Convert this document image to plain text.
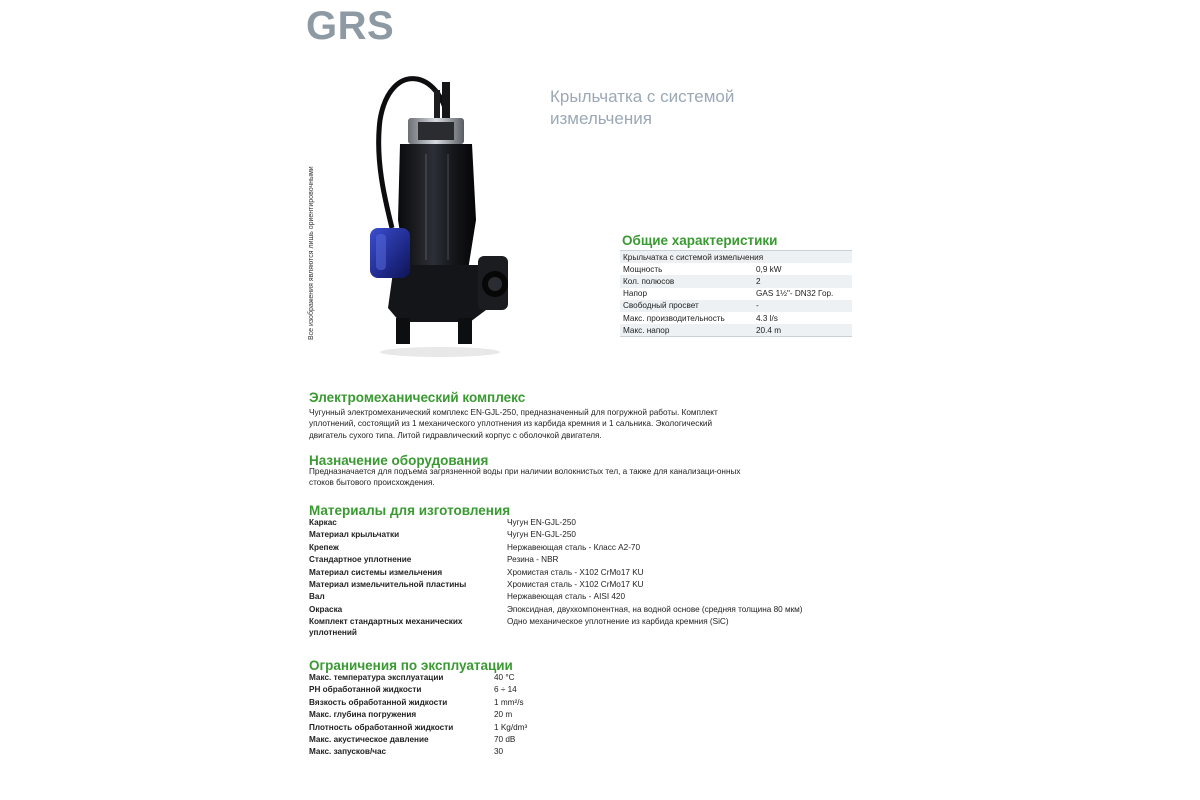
GRS
Все изображения являются лишь ориентировочными
Крыльчатка с системой измельчения
Общие характеристики
Крыльчатка с системой измельчения	
Мощность	0,9 kW
Кол. полюсов	2
Напор	GAS 1½"- DN32 Гор.
Свободный просвет	-
Макс. производительность	4.3 l/s
Макс. напор	20.4 m
Электромеханический комплекс
Чугунный электромеханический комплекс EN-GJL-250, предназначенный для погружной работы. Комплект уплотнений, состоящий из 1 механического уплотнения из карбида кремния и 1 сальника. Экологический двигатель сухого типа. Литой гидравлический корпус с оболочкой двигателя.
Назначение оборудования
Предназначается для подъема загрязненной воды при наличии волокнистых тел, а также для канализаци-онных стоков бытового происхождения.
Материалы для изготовления
Каркас	Чугун EN-GJL-250
Материал крыльчатки	Чугун EN-GJL-250
Крепеж	Нержавеющая сталь - Класс A2-70
Стандартное уплотнение	Резина - NBR
Материал системы измельчения	Хромистая сталь - X102 CrMo17 KU
Материал измельчительной пластины	Хромистая сталь - X102 CrMo17 KU
Вал	Нержавеющая сталь - AISI 420
Окраска	Эпоксидная, двухкомпонентная, на водной основе (средняя толщина 80 мкм)
Комплект стандартных механических уплотнений	Одно механическое уплотнение из карбида кремния (SiC)
Ограничения по эксплуатации
Макс. температура эксплуатации	40 °C
PH обработанной жидкости	6 ÷ 14
Вязкость обработанной жидкости	1 mm²/s
Макс. глубина погружения	20 m
Плотность обработанной жидкости	1 Kg/dm³
Макс. акустическое давление	70 dB
Макс. запусков/час	30
